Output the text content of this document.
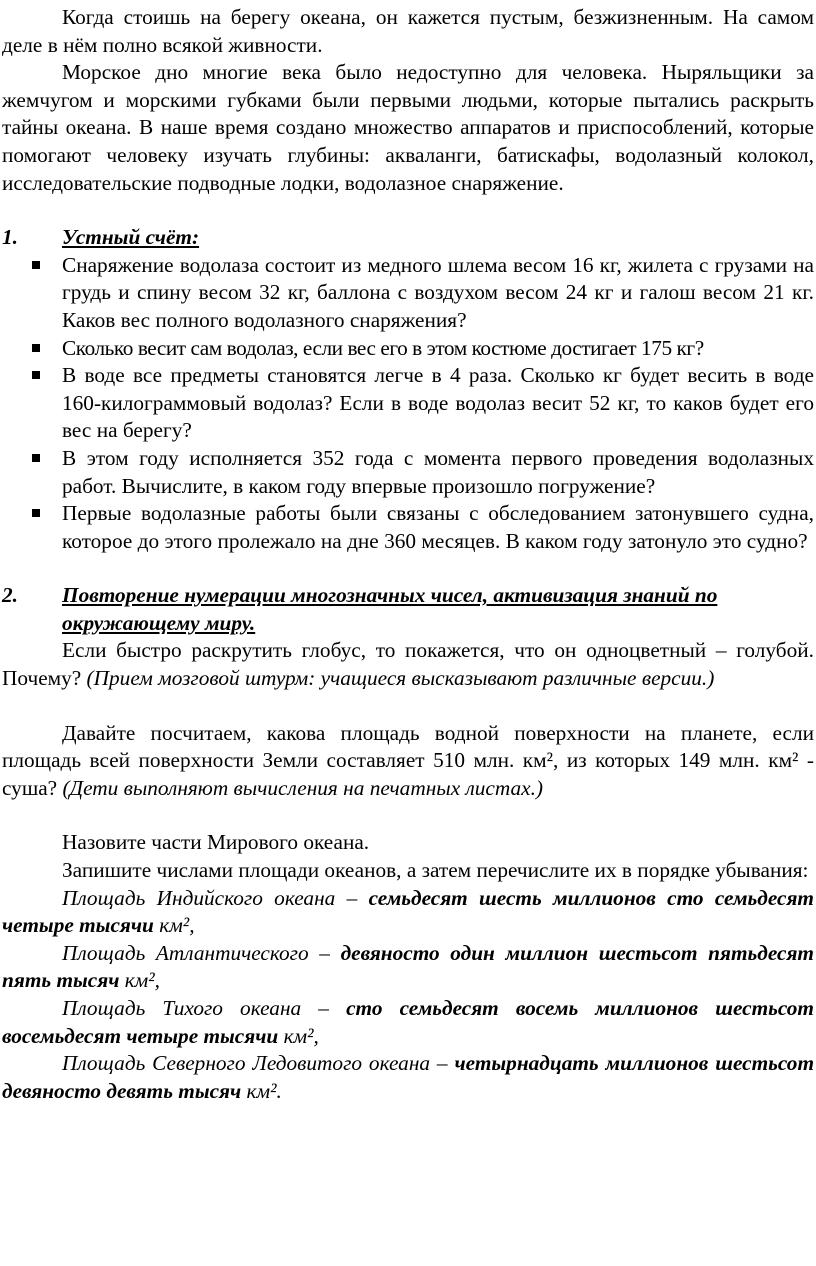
Когда стоишь на берегу океана, он кажется пустым, безжизненным. На самом деле в нём полно всякой живности.

Морское дно многие века было недоступно для человека. Ныряльщики за жемчугом и морскими губками были первыми людьми, которые пытались раскрыть тайны океана. В наше время создано множество аппаратов и приспособлений, которые помогают человеку изучать глубины: акваланги, батискафы, водолазный колокол, исследовательские подводные лодки, водолазное снаряжение.

1.	Устный счёт:
Снаряжение водолаза состоит из медного шлема весом 16 кг, жилета с грузами на грудь и спину весом 32 кг, баллона с воздухом весом 24 кг и галош весом 21 кг. Каков вес полного водолазного снаряжения?
Сколько весит сам водолаз, если вес его в этом костюме достигает 175 кг?
В воде все предметы становятся легче в 4 раза. Сколько кг будет весить в воде 160-килограммовый водолаз? Если в воде водолаз весит 52 кг, то каков будет его вес на берегу?
В этом году исполняется 352 года с момента первого проведения водолазных работ. Вычислите, в каком году впервые произошло погружение?
Первые водолазные работы были связаны с обследованием затонувшего судна, которое до этого пролежало на дне 360 месяцев. В каком году затонуло это судно?
2.	Повторение нумерации многозначных чисел, активизация знаний по окружающему миру.

Если быстро раскрутить глобус, то покажется, что он одноцветный – голубой. Почему? (Прием мозговой штурм: учащиеся высказывают различные версии.)

Давайте посчитаем, какова площадь водной поверхности на планете, если площадь всей поверхности Земли составляет 510 млн. км², из которых 149 млн. км² - суша? (Дети выполняют вычисления на печатных листах.)

Назовите части Мирового океана.

Запишите числами площади океанов, а затем перечислите их в порядке убывания:

Площадь Индийского океана – семьдесят шесть миллионов сто семьдесят четыре тысячи км²,

Площадь Атлантического – девяносто один миллион шестьсот пятьдесят пять тысяч км²,

Площадь Тихого океана – сто семьдесят восемь миллионов шестьсот восемьдесят четыре тысячи км²,

Площадь Северного Ледовитого океана – четырнадцать миллионов шестьсот девяносто девять тысяч км².
